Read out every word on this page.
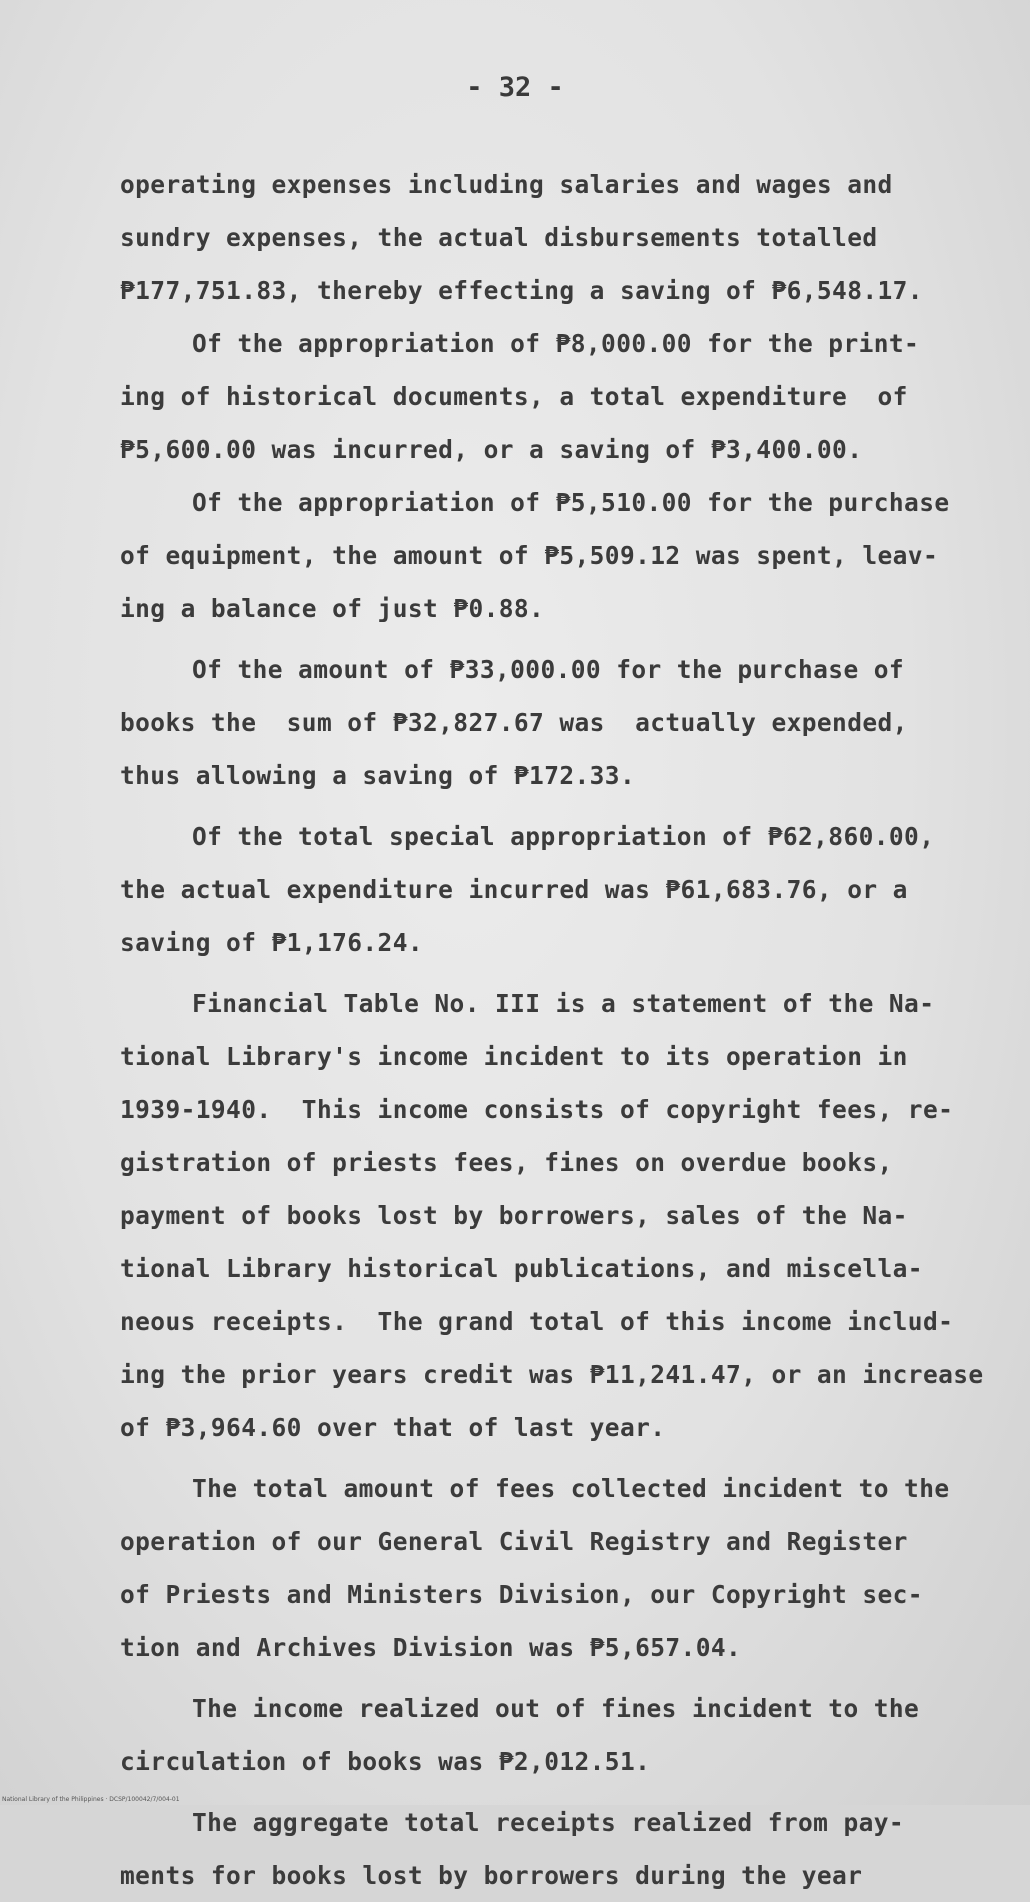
- 32 -
operating expenses including salaries and wages and
sundry expenses, the actual disbursements totalled
₱177,751.83, thereby effecting a saving of ₱6,548.17.
Of the appropriation of ₱8,000.00 for the print-
ing of historical documents, a total expenditure  of
₱5,600.00 was incurred, or a saving of ₱3,400.00.
Of the appropriation of ₱5,510.00 for the purchase
of equipment, the amount of ₱5,509.12 was spent, leav-
ing a balance of just ₱0.88.
Of the amount of ₱33,000.00 for the purchase of
books the  sum of ₱32,827.67 was  actually expended,
thus allowing a saving of ₱172.33.
Of the total special appropriation of ₱62,860.00,
the actual expenditure incurred was ₱61,683.76, or a
saving of ₱1,176.24.
Financial Table No. III is a statement of the Na-
tional Library's income incident to its operation in
1939-1940.  This income consists of copyright fees, re-
gistration of priests fees, fines on overdue books,
payment of books lost by borrowers, sales of the Na-
tional Library historical publications, and miscella-
neous receipts.  The grand total of this income includ-
ing the prior years credit was ₱11,241.47, or an increase
of ₱3,964.60 over that of last year.
The total amount of fees collected incident to the
operation of our General Civil Registry and Register
of Priests and Ministers Division, our Copyright sec-
tion and Archives Division was ₱5,657.04.
The income realized out of fines incident to the
circulation of books was ₱2,012.51.
The aggregate total receipts realized from pay-
ments for books lost by borrowers during the year
National Library of the Philippines · DCSP/100042/7/004-01
